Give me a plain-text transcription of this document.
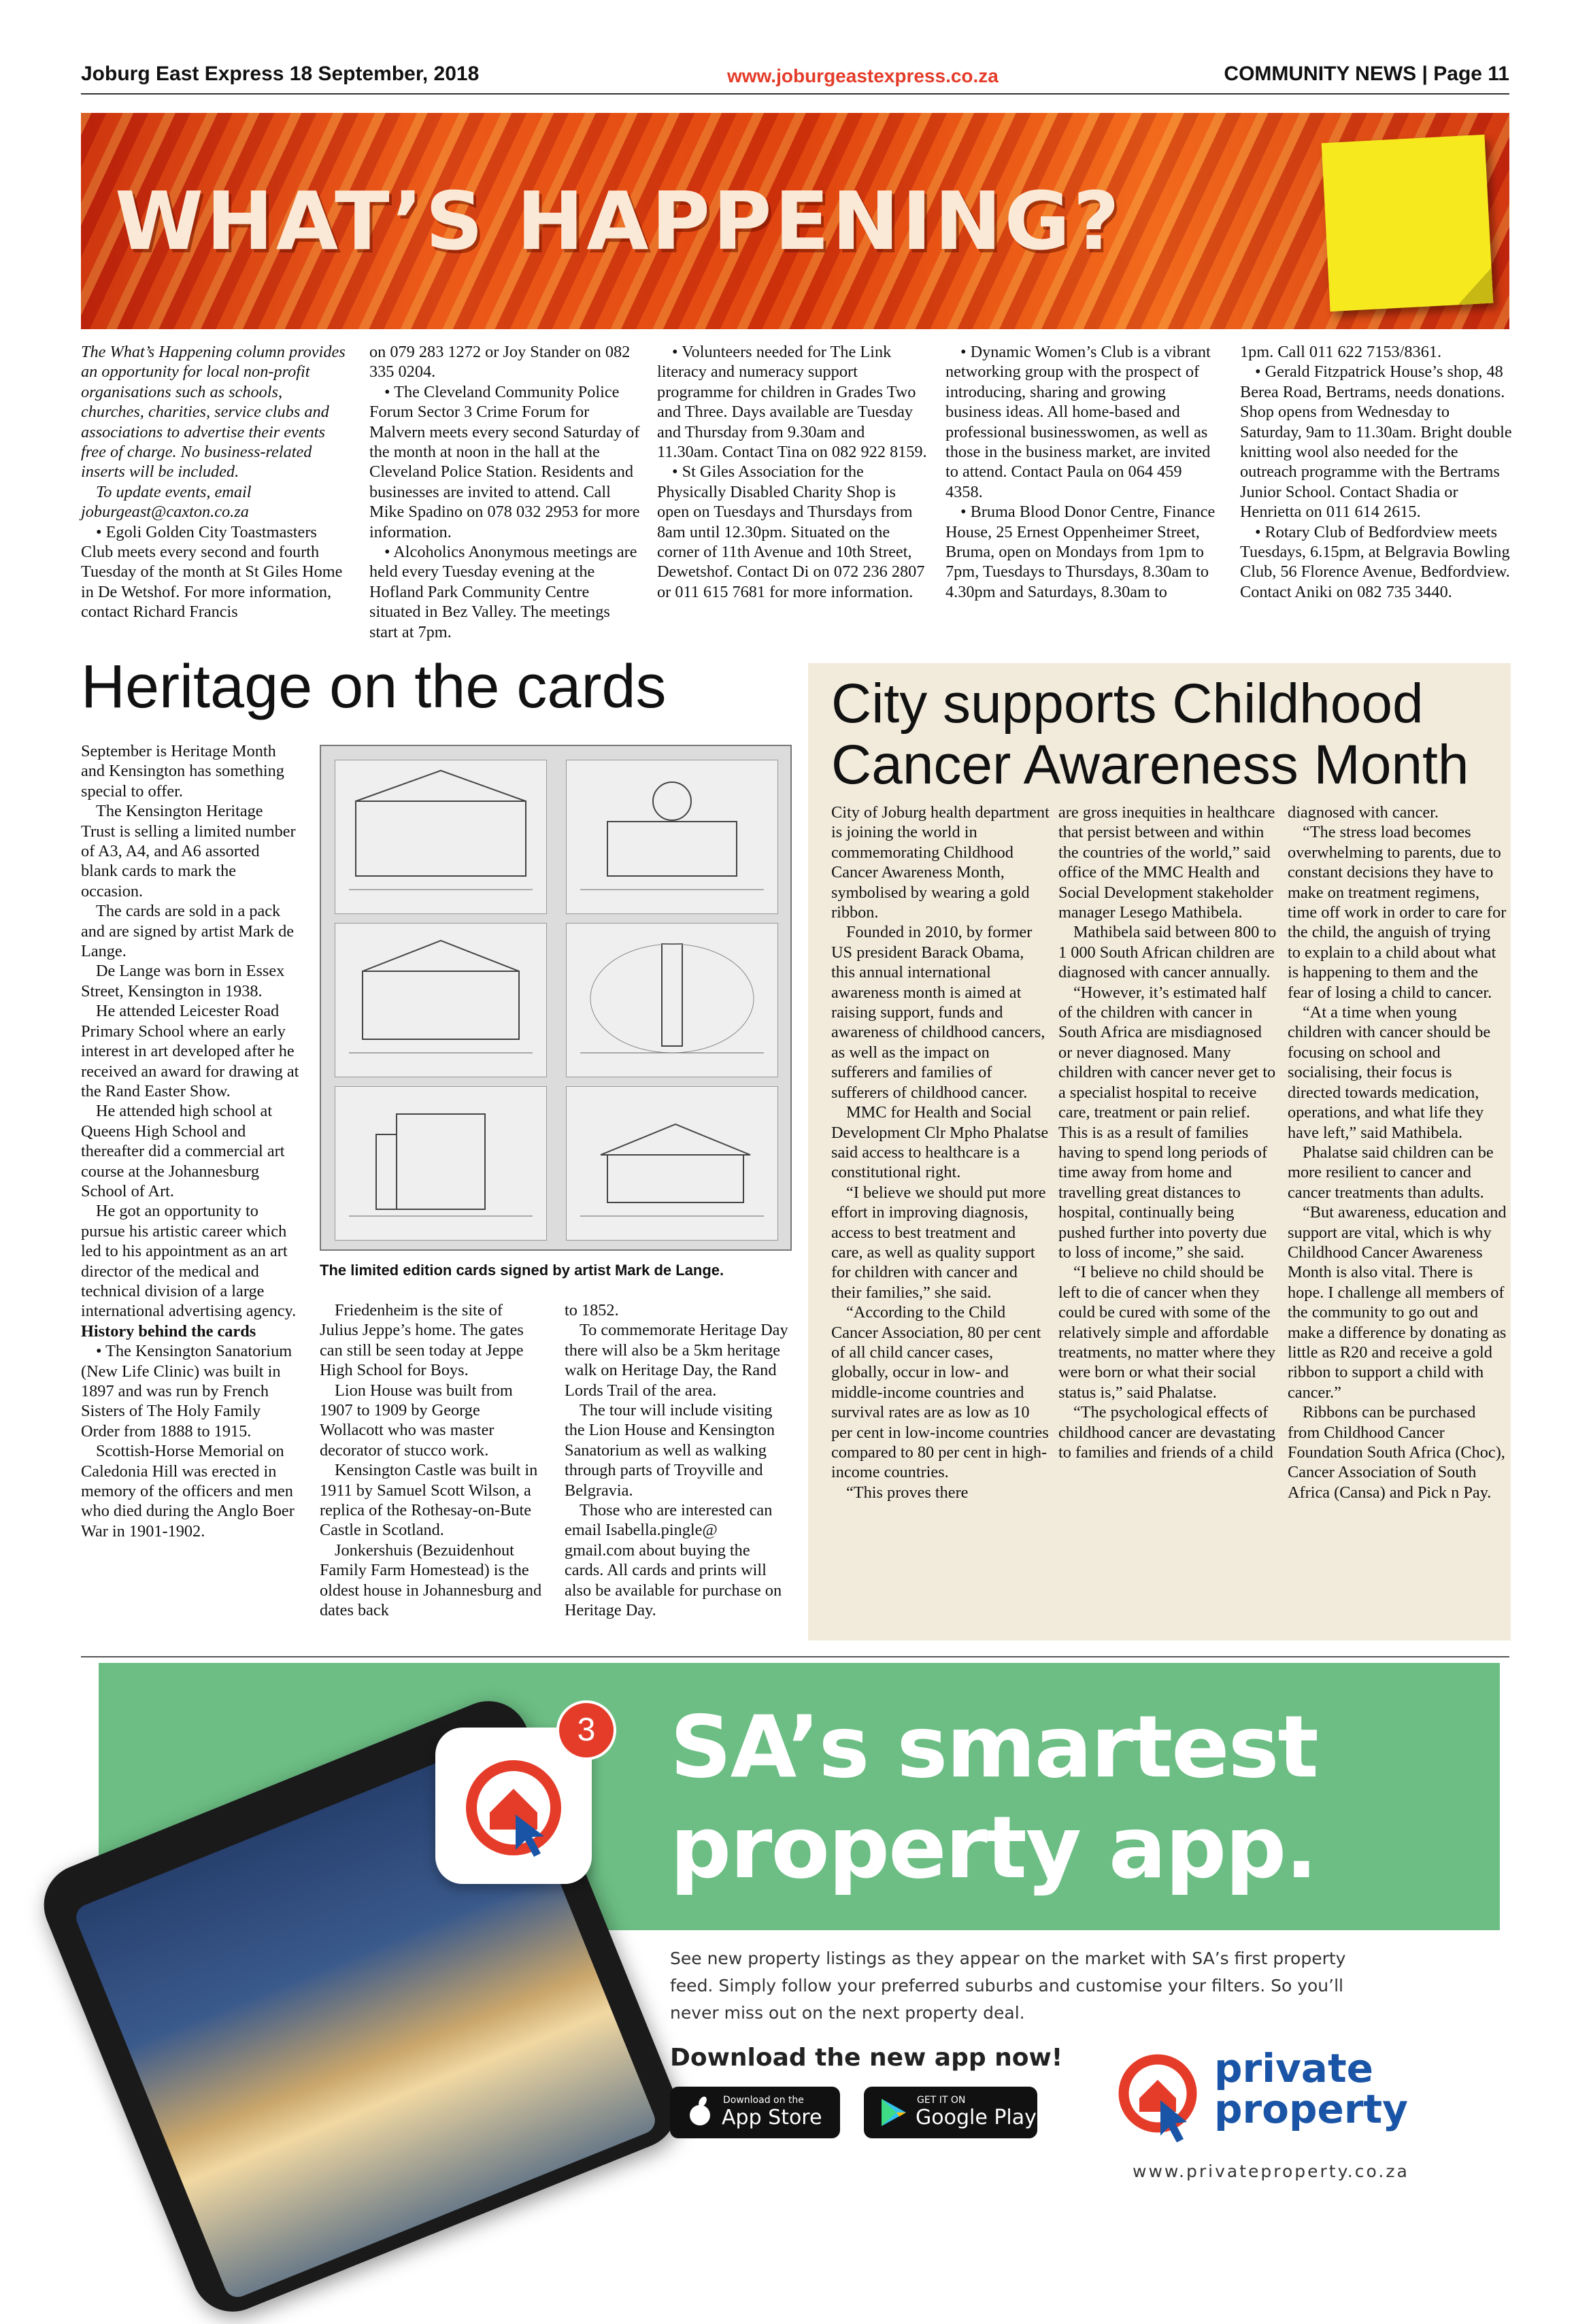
Joburg East Express 18 September, 2018	www.joburgeastexpress.co.za	COMMUNITY NEWS | Page 11
WHAT’S HAPPENING?

The What’s Happening column provides an opportunity for local non-profit organisations such as schools, churches, charities, service clubs and associations to advertise their events free of charge. No business-related inserts will be included.

To update events, email joburgeast@caxton.co.za

• Egoli Golden City Toastmasters Club meets every second and fourth Tuesday of the month at St Giles Home in De Wetshof. For more information, contact Richard Francis

on 079 283 1272 or Joy Stander on 082 335 0204.

• The Cleveland Community Police Forum Sector 3 Crime Forum for Malvern meets every second Saturday of the month at noon in the hall at the Cleveland Police Station. Residents and businesses are invited to attend. Call Mike Spadino on 078 032 2953 for more information.

• Alcoholics Anonymous meetings are held every Tuesday evening at the Hofland Park Community Centre situated in Bez Valley. The meetings start at 7pm.

• Volunteers needed for The Link literacy and numeracy support programme for children in Grades Two and Three. Days available are Tuesday and Thursday from 9.30am and 11.30am. Contact Tina on 082 922 8159.

• St Giles Association for the Physically Disabled Charity Shop is open on Tuesdays and Thursdays from 8am until 12.30pm. Situated on the corner of 11th Avenue and 10th Street, Dewetshof. Contact Di on 072 236 2807 or 011 615 7681 for more information.

• Dynamic Women’s Club is a vibrant networking group with the prospect of introducing, sharing and growing business ideas. All home-based and professional businesswomen, as well as those in the business market, are invited to attend. Contact Paula on 064 459 4358.

• Bruma Blood Donor Centre, Finance House, 25 Ernest Oppenheimer Street, Bruma, open on Mondays from 1pm to 7pm, Tuesdays to Thursdays, 8.30am to 4.30pm and Saturdays, 8.30am to

1pm. Call 011 622 7153/8361.

• Gerald Fitzpatrick House’s shop, 48 Berea Road, Bertrams, needs donations. Shop opens from Wednesday to Saturday, 9am to 11.30am. Bright double knitting wool also needed for the outreach programme with the Bertrams Junior School. Contact Shadia or Henrietta on 011 614 2615.

• Rotary Club of Bedfordview meets Tuesdays, 6.15pm, at Belgravia Bowling Club, 56 Florence Avenue, Bedfordview. Contact Aniki on 082 735 3440.

Heritage on the cards

September is Heritage Month and Kensington has something special to offer.

The Kensington Heritage Trust is selling a limited number of A3, A4, and A6 assorted blank cards to mark the occasion.

The cards are sold in a pack and are signed by artist Mark de Lange.

De Lange was born in Essex Street, Kensington in 1938.

He attended Leicester Road Primary School where an early interest in art developed after he received an award for drawing at the Rand Easter Show.

He attended high school at Queens High School and thereafter did a commercial art course at the Johannesburg School of Art.

He got an opportunity to pursue his artistic career which led to his appointment as an art director of the medical and technical division of a large international advertising agency.

History behind the cards

• The Kensington Sanatorium (New Life Clinic) was built in 1897 and was run by French Sisters of The Holy Family Order from 1888 to 1915.

Scottish-Horse Memorial on Caledonia Hill was erected in memory of the officers and men who died during the Anglo Boer War in 1901-1902.

The limited edition cards signed by artist Mark de Lange.

Friedenheim is the site of Julius Jeppe’s home. The gates can still be seen today at Jeppe High School for Boys.

Lion House was built from 1907 to 1909 by George Wollacott who was master decorator of stucco work.

Kensington Castle was built in 1911 by Samuel Scott Wilson, a replica of the Rothesay-on-Bute Castle in Scotland.

Jonkershuis (Bezuidenhout Family Farm Homestead) is the oldest house in Johannesburg and dates back

to 1852.

To commemorate Heritage Day there will also be a 5km heritage walk on Heritage Day, the Rand Lords Trail of the area.

The tour will include visiting the Lion House and Kensington Sanatorium as well as walking through parts of Troyville and Belgravia.

Those who are interested can email Isabella.pingle@ gmail.com about buying the cards. All cards and prints will also be available for purchase on Heritage Day.

City supports Childhood Cancer Awareness Month

City of Joburg health department is joining the world in commemorating Childhood Cancer Awareness Month, symbolised by wearing a gold ribbon.

Founded in 2010, by former US president Barack Obama, this annual international awareness month is aimed at raising support, funds and awareness of childhood cancers, as well as the impact on sufferers and families of sufferers of childhood cancer.

MMC for Health and Social Development Clr Mpho Phalatse said access to healthcare is a constitutional right.

“I believe we should put more effort in improving diagnosis, access to best treatment and care, as well as quality support for children with cancer and their families,” she said.

“According to the Child Cancer Association, 80 per cent of all child cancer cases, globally, occur in low- and middle-income countries and survival rates are as low as 10 per cent in low-income countries compared to 80 per cent in high-income countries.

“This proves there

are gross inequities in healthcare that persist between and within the countries of the world,” said office of the MMC Health and Social Development stakeholder manager Lesego Mathibela.

Mathibela said between 800 to 1 000 South African children are diagnosed with cancer annually.

“However, it’s estimated half of the children with cancer in South Africa are misdiagnosed or never diagnosed. Many children with cancer never get to a specialist hospital to receive care, treatment or pain relief. This is as a result of families having to spend long periods of time away from home and travelling great distances to hospital, continually being pushed further into poverty due to loss of income,” she said.

“I believe no child should be left to die of cancer when they could be cured with some of the relatively simple and affordable treatments, no matter where they were born or what their social status is,” said Phalatse.

“The psychological effects of childhood cancer are devastating to families and friends of a child

diagnosed with cancer.

“The stress load becomes overwhelming to parents, due to constant decisions they have to make on treatment regimens, time off work in order to care for the child, the anguish of trying to explain to a child about what is happening to them and the fear of losing a child to cancer.

“At a time when young children with cancer should be focusing on school and socialising, their focus is directed towards medication, operations, and what life they have left,” said Mathibela.

Phalatse said children can be more resilient to cancer and cancer treatments than adults.

“But awareness, education and support are vital, which is why Childhood Cancer Awareness Month is also vital. There is hope. I challenge all members of the community to go out and make a difference by donating as little as R20 and receive a gold ribbon to support a child with cancer.”

Ribbons can be purchased from Childhood Cancer Foundation South Africa (Choc), Cancer Association of South Africa (Cansa) and Pick n Pay.

3 SA’s smartest
property app.
See new property listings as they appear on the market with SA’s first property feed. Simply follow your preferred suburbs and customise your filters. So you’ll never miss out on the next property deal.
Download the new app now!
Download on the
App Store
GET IT ON
Google Play
private
property
www.privateproperty.co.za
